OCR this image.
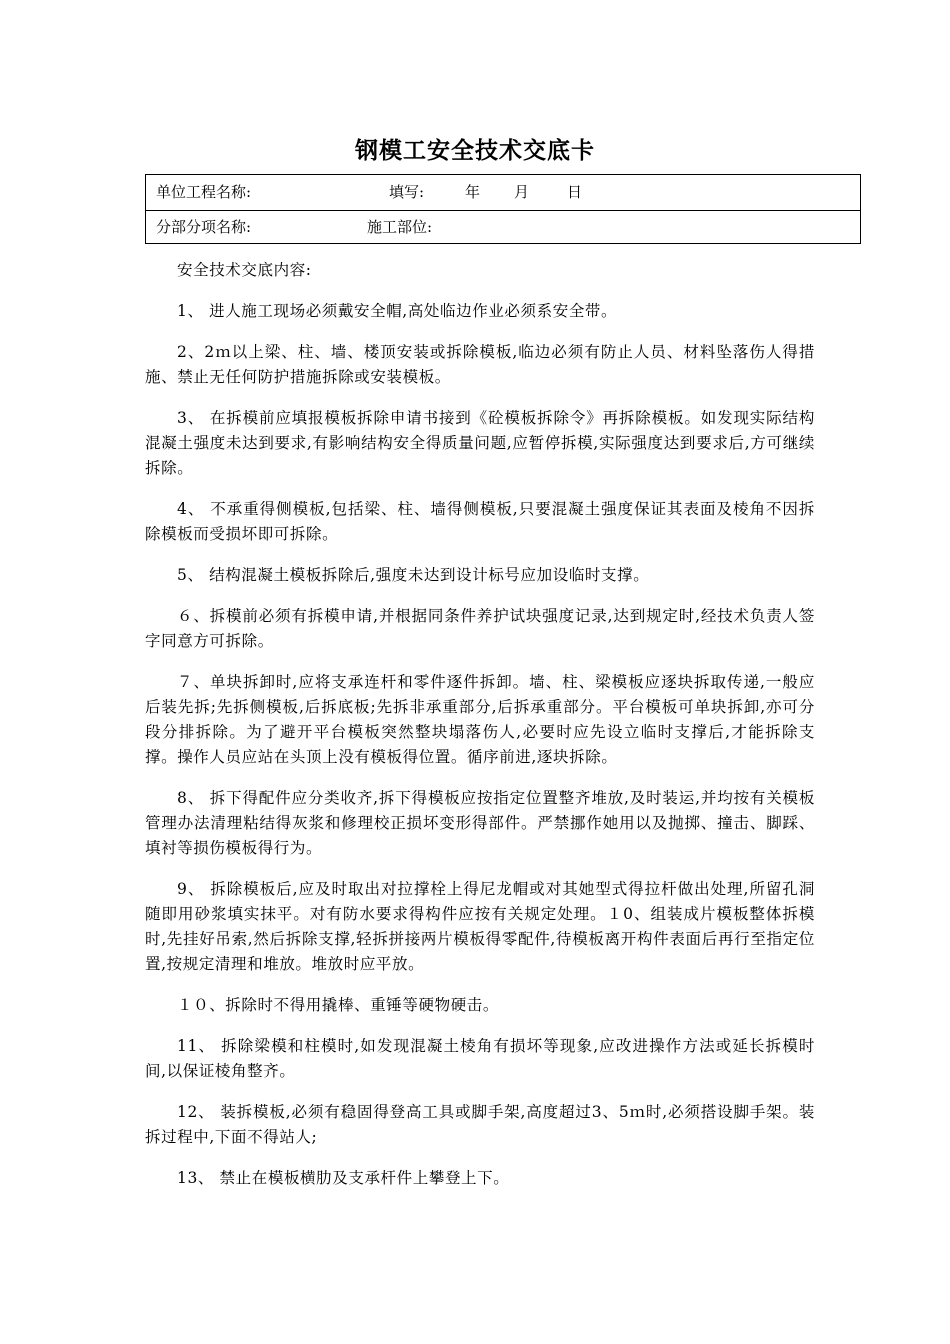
钢模工安全技术交底卡
单位工程名称:	填写:	年 月	日
分部分项名称:	施工部位:

安全技术交底内容:

1、 进人施工现场必须戴安全帽,高处临边作业必须系安全带。

2、2ｍ以上梁、柱、墙、楼顶安装或拆除模板,临边必须有防止人员、材料坠落伤人得措施、禁止无任何防护措施拆除或安装模板。

3、 在拆模前应填报模板拆除申请书接到《砼模板拆除令》再拆除模板。如发现实际结构混凝土强度未达到要求,有影响结构安全得质量问题,应暂停拆模,实际强度达到要求后,方可继续拆除。

4、 不承重得侧模板,包括梁、柱、墙得侧模板,只要混凝土强度保证其表面及棱角不因拆除模板而受损坏即可拆除。

5、 结构混凝土模板拆除后,强度未达到设计标号应加设临时支撑。

６、拆模前必须有拆模申请,并根据同条件养护试块强度记录,达到规定时,经技术负责人签字同意方可拆除。

７、单块拆卸时,应将支承连杆和零件逐件拆卸。墙、柱、梁模板应逐块拆取传递,一般应后装先拆;先拆侧模板,后拆底板;先拆非承重部分,后拆承重部分。平台模板可单块拆卸,亦可分段分排拆除。为了避开平台模板突然整块塌落伤人,必要时应先设立临时支撑后,才能拆除支撑。操作人员应站在头顶上没有模板得位置。循序前进,逐块拆除。

8、 拆下得配件应分类收齐,拆下得模板应按指定位置整齐堆放,及时装运,并均按有关模板管理办法清理粘结得灰浆和修理校正损坏变形得部件。严禁挪作她用以及抛掷、撞击、脚踩、填衬等损伤模板得行为。

9、 拆除模板后,应及时取出对拉撑栓上得尼龙帽或对其她型式得拉杆做出处理,所留孔洞随即用砂浆填实抹平。对有防水要求得构件应按有关规定处理。１0、组装成片模板整体拆模时,先挂好吊索,然后拆除支撑,轻拆拼接两片模板得零配件,待模板离开构件表面后再行至指定位置,按规定清理和堆放。堆放时应平放。

１０、拆除时不得用撬棒、重锤等硬物硬击。

11、 拆除梁模和柱模时,如发现混凝土棱角有损坏等现象,应改进操作方法或延长拆模时间,以保证棱角整齐。

12、 装拆模板,必须有稳固得登高工具或脚手架,高度超过3、5ｍ时,必须搭设脚手架。装拆过程中,下面不得站人;

13、 禁止在模板横肋及支承杆件上攀登上下。
